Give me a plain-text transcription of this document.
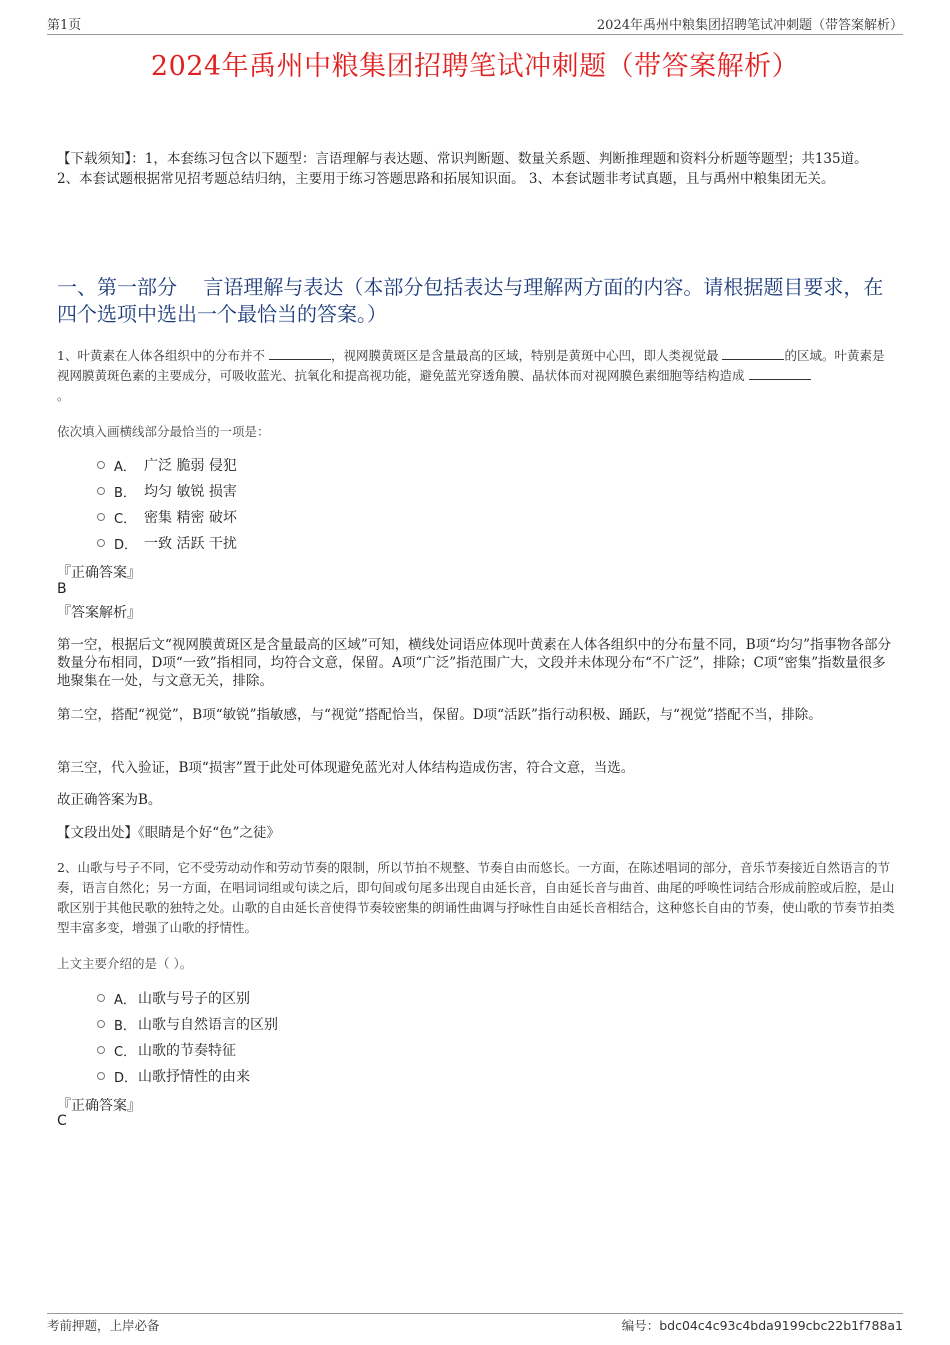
第1页	2024年禹州中粮集团招聘笔试冲刺题（带答案解析）
2024年禹州中粮集团招聘笔试冲刺题（带答案解析）
【下载须知】：1，本套练习包含以下题型：言语理解与表达题、常识判断题、数量关系题、判断推理题和资料分析题等题型；共135道。 2、本套试题根据常见招考题总结归纳，主要用于练习答题思路和拓展知识面。 3、本套试题非考试真题，且与禹州中粮集团无关。
一、第一部分　 言语理解与表达（本部分包括表达与理解两方面的内容。请根据题目要求，在四个选项中选出一个最恰当的答案。）
1、叶黄素在人体各组织中的分布并不	，视网膜黄斑区是含量最高的区域，特别是黄斑中心凹，即人类视觉最	的区域。叶黄素是视网膜黄斑色素的主要成分，可吸收蓝光、抗氧化和提高视功能，避免蓝光穿透角膜、晶状体而对视网膜色素细胞等结构造成
。
依次填入画横线部分最恰当的一项是：
A． 广泛 脆弱 侵犯
B． 均匀 敏锐 损害
C． 密集 精密 破坏
D． 一致 活跃 干扰
『正确答案』
B
『答案解析』
第一空，根据后文“视网膜黄斑区是含量最高的区域”可知，横线处词语应体现叶黄素在人体各组织中的分布量不同，B项“均匀”指事物各部分数量分布相同，D项“一致”指相同，均符合文意，保留。A项“广泛”指范围广大，文段并未体现分布“不广泛”，排除；C项“密集”指数量很多地聚集在一处，与文意无关，排除。
第二空，搭配“视觉”，B项“敏锐”指敏感，与“视觉”搭配恰当，保留。D项“活跃”指行动积极、踊跃，与“视觉”搭配不当，排除。
第三空，代入验证，B项“损害”置于此处可体现避免蓝光对人体结构造成伤害，符合文意，当选。
故正确答案为B。
【文段出处】《眼睛是个好“色”之徒》
2、山歌与号子不同，它不受劳动动作和劳动节奏的限制，所以节拍不规整、节奏自由而悠长。一方面，在陈述唱词的部分，音乐节奏接近自然语言的节奏，语言自然化；另一方面，在唱词词组或句读之后，即句间或句尾多出现自由延长音，自由延长音与曲首、曲尾的呼唤性词结合形成前腔或后腔，是山歌区别于其他民歌的独特之处。山歌的自由延长音使得节奏较密集的朗诵性曲调与抒咏性自由延长音相结合，这种悠长自由的节奏，使山歌的节奏节拍类型丰富多变，增强了山歌的抒情性。
上文主要介绍的是（ ）。
A． 山歌与号子的区别
B． 山歌与自然语言的区别
C． 山歌的节奏特征
D． 山歌抒情性的由来
『正确答案』
C
考前押题，上岸必备	编号：bdc04c4c93c4bda9199cbc22b1f788a1
